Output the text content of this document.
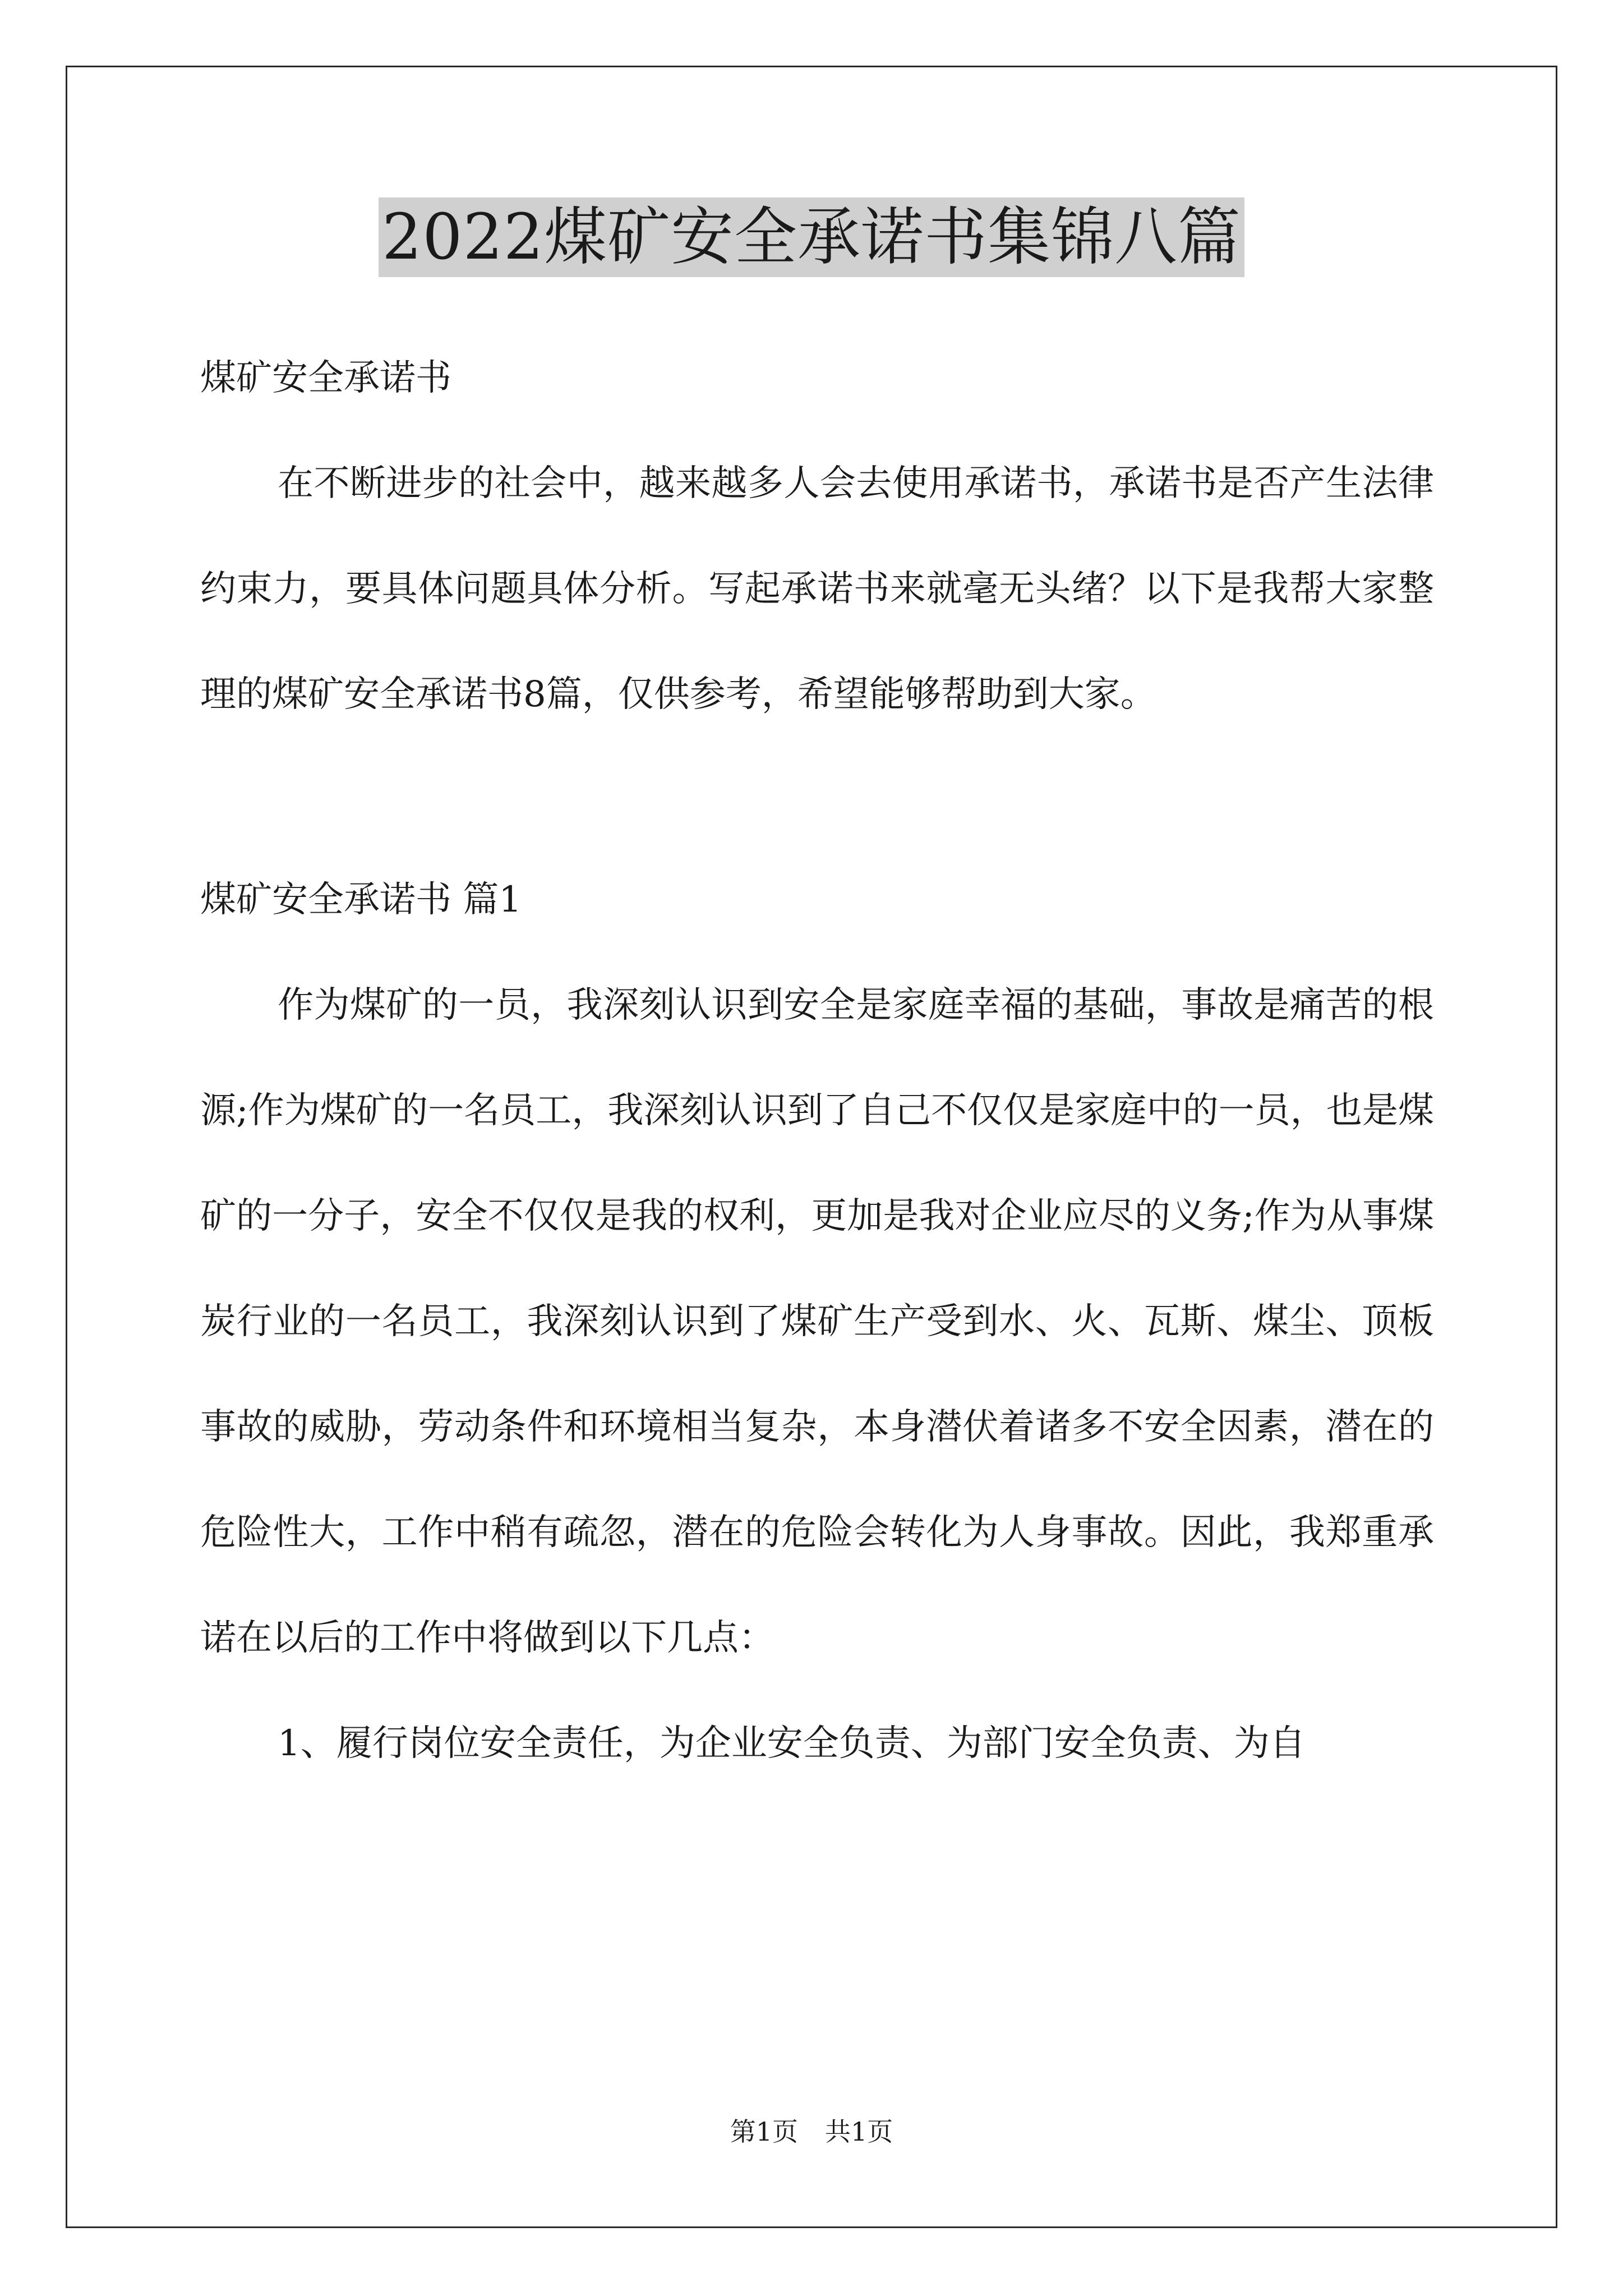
2022煤矿安全承诺书集锦八篇

煤矿安全承诺书

在不断进步的社会中，越来越多人会去使用承诺书，承诺书是否产生法律约束力，要具体问题具体分析。写起承诺书来就毫无头绪？以下是我帮大家整理的煤矿安全承诺书8篇，仅供参考，希望能够帮助到大家。

煤矿安全承诺书 篇1

作为煤矿的一员，我深刻认识到安全是家庭幸福的基础，事故是痛苦的根源;作为煤矿的一名员工，我深刻认识到了自己不仅仅是家庭中的一员，也是煤矿的一分子，安全不仅仅是我的权利，更加是我对企业应尽的义务;作为从事煤炭行业的一名员工，我深刻认识到了煤矿生产受到水、火、瓦斯、煤尘、顶板事故的威胁，劳动条件和环境相当复杂，本身潜伏着诸多不安全因素，潜在的危险性大，工作中稍有疏忽，潜在的危险会转化为人身事故。因此，我郑重承诺在以后的工作中将做到以下几点：

1、履行岗位安全责任，为企业安全负责、为部门安全负责、为自

第1页 共1页
